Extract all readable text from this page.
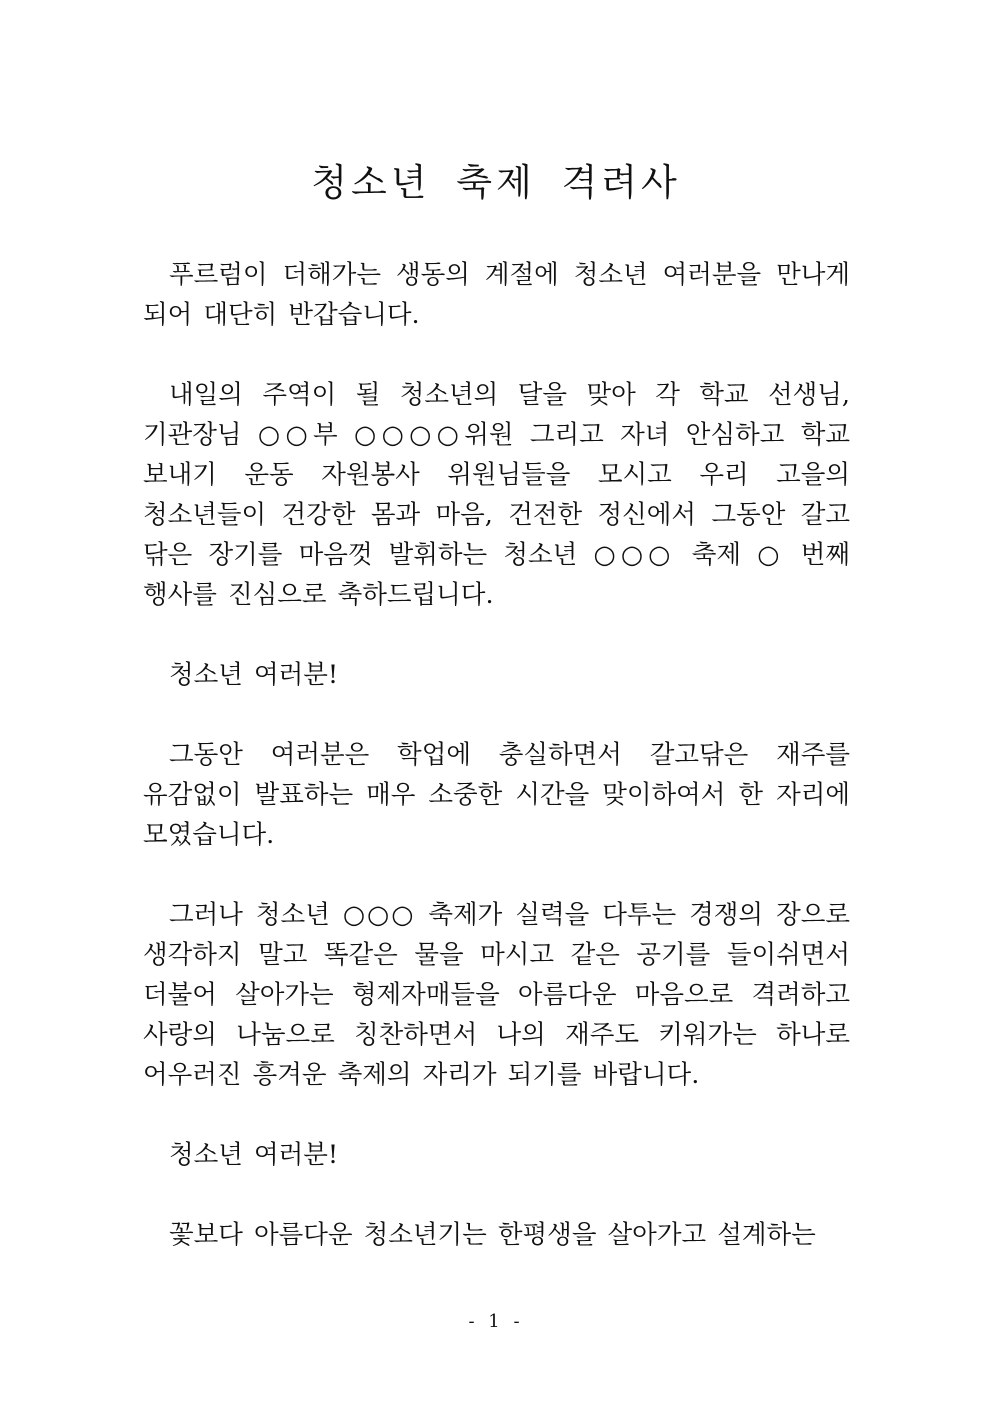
청소년 축제 격려사

푸르럼이 더해가는 생동의 계절에 청소년 여러분을 만나게 되어 대단히 반갑습니다.

내일의 주역이 될 청소년의 달을 맞아 각 학교 선생님, 기관장님 ○○부 ○○○○위원 그리고 자녀 안심하고 학교 보내기 운동 자원봉사 위원님들을 모시고 우리 고을의 청소년들이 건강한 몸과 마음, 건전한 정신에서 그동안 갈고 닦은 장기를 마음껏 발휘하는 청소년 ○○○ 축제 ○ 번째 행사를 진심으로 축하드립니다.

청소년 여러분!

그동안 여러분은 학업에 충실하면서 갈고닦은 재주를 유감없이 발표하는 매우 소중한 시간을 맞이하여서 한 자리에 모였습니다.

그러나 청소년 ○○○ 축제가 실력을 다투는 경쟁의 장으로 생각하지 말고 똑같은 물을 마시고 같은 공기를 들이쉬면서 더불어 살아가는 형제자매들을 아름다운 마음으로 격려하고 사랑의 나눔으로 칭찬하면서 나의 재주도 키워가는 하나로 어우러진 흥겨운 축제의 자리가 되기를 바랍니다.

청소년 여러분!

꽃보다 아름다운 청소년기는 한평생을 살아가고 설계하는

- 1 -
